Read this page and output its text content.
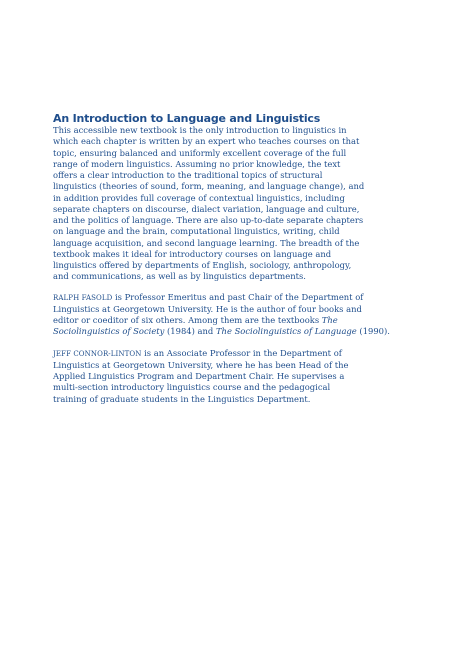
An Introduction to Language and Linguistics

This accessible new textbook is the only introduction to linguistics in
which each chapter is written by an expert who teaches courses on that
topic, ensuring balanced and uniformly excellent coverage of the full
range of modern linguistics. Assuming no prior knowledge, the text
offers a clear introduction to the traditional topics of structural
linguistics (theories of sound, form, meaning, and language change), and
in addition provides full coverage of contextual linguistics, including
separate chapters on discourse, dialect variation, language and culture,
and the politics of language. There are also up-to-date separate chapters
on language and the brain, computational linguistics, writing, child
language acquisition, and second language learning. The breadth of the
textbook makes it ideal for introductory courses on language and
linguistics offered by departments of English, sociology, anthropology,
and communications, as well as by linguistics departments.

RALPH FASOLD is Professor Emeritus and past Chair of the Department of
Linguistics at Georgetown University. He is the author of four books and
editor or coeditor of six others. Among them are the textbooks The
Sociolinguistics of Society (1984) and The Sociolinguistics of Language (1990).

JEFF CONNOR-LINTON is an Associate Professor in the Department of
Linguistics at Georgetown University, where he has been Head of the
Applied Linguistics Program and Department Chair. He supervises a
multi-section introductory linguistics course and the pedagogical
training of graduate students in the Linguistics Department.
